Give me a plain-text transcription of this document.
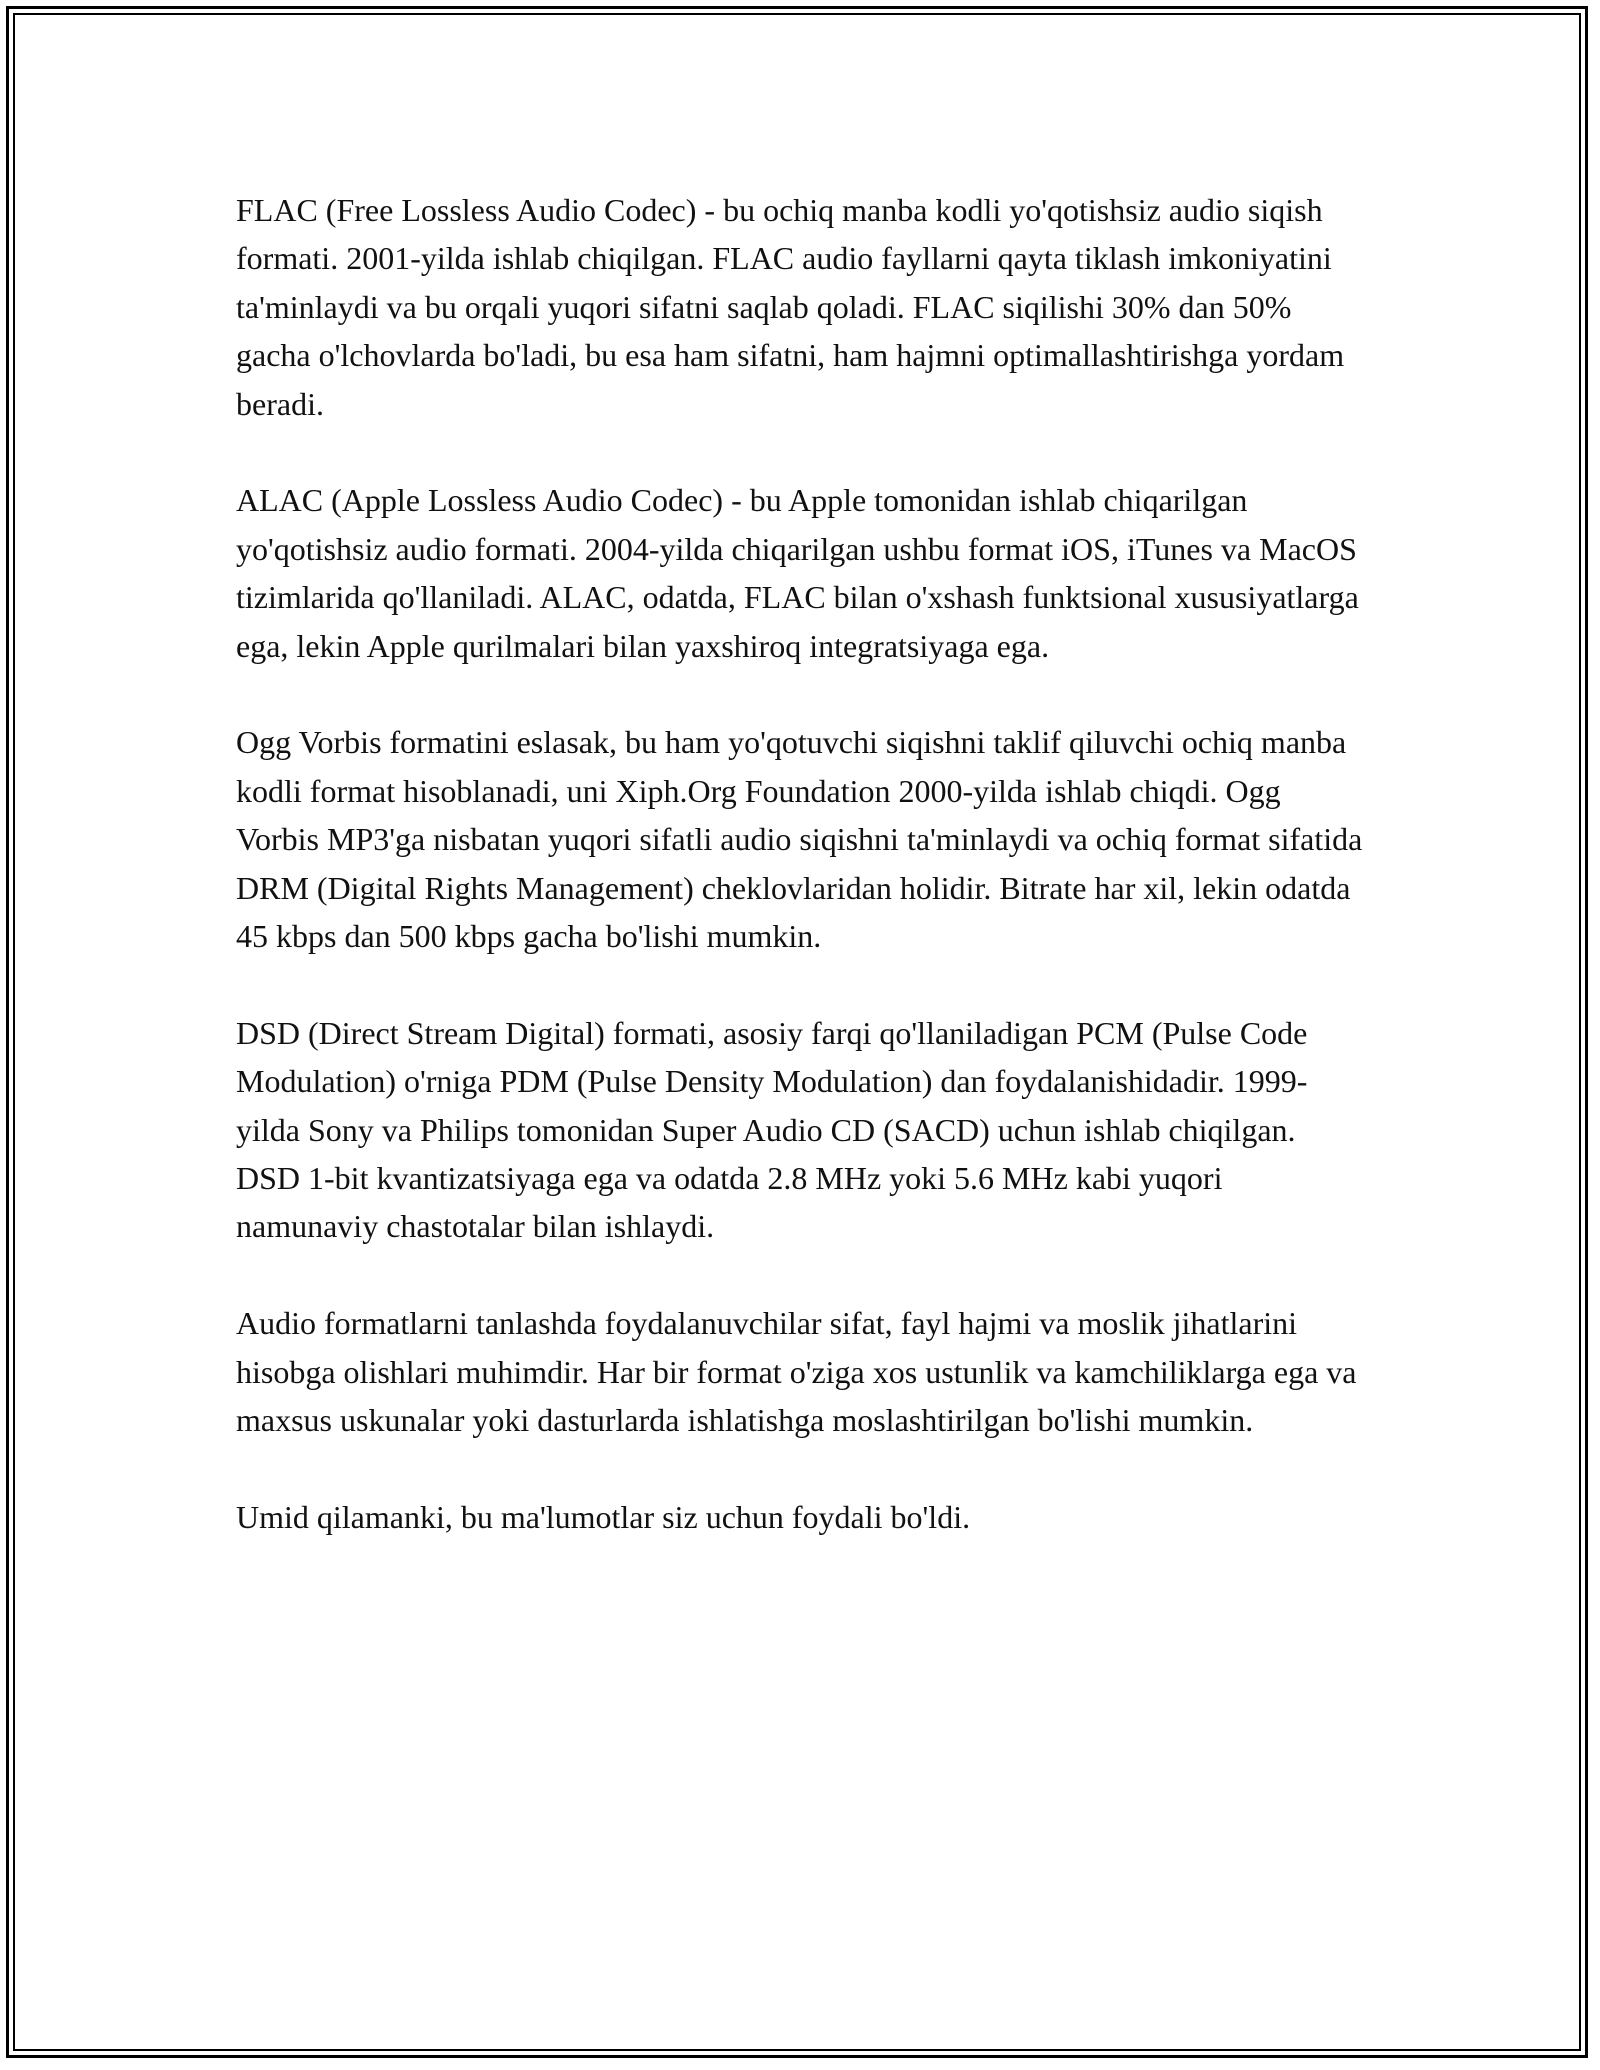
FLAC (Free Lossless Audio Codec) - bu ochiq manba kodli yo'qotishsiz audio siqish formati. 2001-yilda ishlab chiqilgan. FLAC audio fayllarni qayta tiklash imkoniyatini ta'minlaydi va bu orqali yuqori sifatni saqlab qoladi. FLAC siqilishi 30% dan 50% gacha o'lchovlarda bo'ladi, bu esa ham sifatni, ham hajmni optimallashtirishga yordam beradi.

ALAC (Apple Lossless Audio Codec) - bu Apple tomonidan ishlab chiqarilgan yo'qotishsiz audio formati. 2004-yilda chiqarilgan ushbu format iOS, iTunes va MacOS tizimlarida qo'llaniladi. ALAC, odatda, FLAC bilan o'xshash funktsional xususiyatlarga ega, lekin Apple qurilmalari bilan yaxshiroq integratsiyaga ega.

Ogg Vorbis formatini eslasak, bu ham yo'qotuvchi siqishni taklif qiluvchi ochiq manba kodli format hisoblanadi, uni Xiph.Org Foundation 2000-yilda ishlab chiqdi. Ogg Vorbis MP3'ga nisbatan yuqori sifatli audio siqishni ta'minlaydi va ochiq format sifatida DRM (Digital Rights Management) cheklovlaridan holidir. Bitrate har xil, lekin odatda 45 kbps dan 500 kbps gacha bo'lishi mumkin.

DSD (Direct Stream Digital) formati, asosiy farqi qo'llaniladigan PCM (Pulse Code Modulation) o'rniga PDM (Pulse Density Modulation) dan foydalanishidadir. 1999-yilda Sony va Philips tomonidan Super Audio CD (SACD) uchun ishlab chiqilgan. DSD 1-bit kvantizatsiyaga ega va odatda 2.8 MHz yoki 5.6 MHz kabi yuqori namunaviy chastotalar bilan ishlaydi.

Audio formatlarni tanlashda foydalanuvchilar sifat, fayl hajmi va moslik jihatlarini hisobga olishlari muhimdir. Har bir format o'ziga xos ustunlik va kamchiliklarga ega va maxsus uskunalar yoki dasturlarda ishlatishga moslashtirilgan bo'lishi mumkin.

Umid qilamanki, bu ma'lumotlar siz uchun foydali bo'ldi.
